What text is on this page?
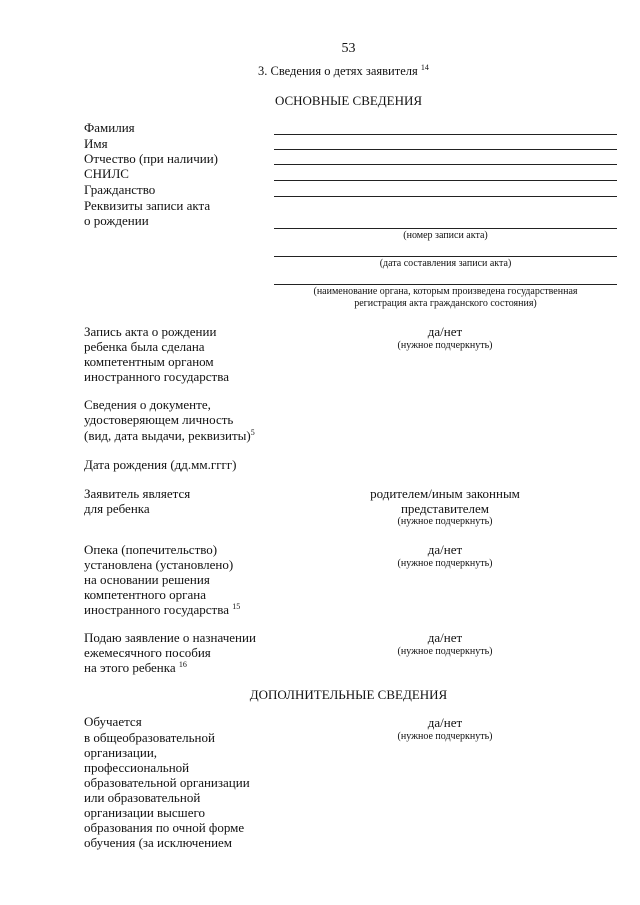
53
3. Сведения о детях заявителя $^{14}$
ОСНОВНЫЕ СВЕДЕНИЯ
Фамилия
Имя
Отчество (при наличии)
СНИЛС
Гражданство
Реквизиты записи акта
о рождении
(номер записи акта)
(дата составления записи акта)
(наименование органа, которым произведена государственная
регистрация акта гражданского состояния)
Запись акта о рождении
ребенка была сделана
компетентным органом
иностранного государства
да/нет
(нужное подчеркнуть)
Сведения о документе,
удостоверяющем личность
(вид, дата выдачи, реквизиты)$^5$
Дата рождения (дд.мм.гггг)
Заявитель является
для ребенка
родителем/иным законным
представителем
(нужное подчеркнуть)
Опека (попечительство)
установлена (установлено)
на основании решения
компетентного органа
иностранного государства $^{15}$
да/нет
(нужное подчеркнуть)
Подаю заявление о назначении
ежемесячного пособия
на этого ребенка $^{16}$
да/нет
(нужное подчеркнуть)
ДОПОЛНИТЕЛЬНЫЕ СВЕДЕНИЯ
Обучается
в общеобразовательной
организации,
профессиональной
образовательной организации
или образовательной
организации высшего
образования по очной форме
обучения (за исключением
да/нет
(нужное подчеркнуть)
